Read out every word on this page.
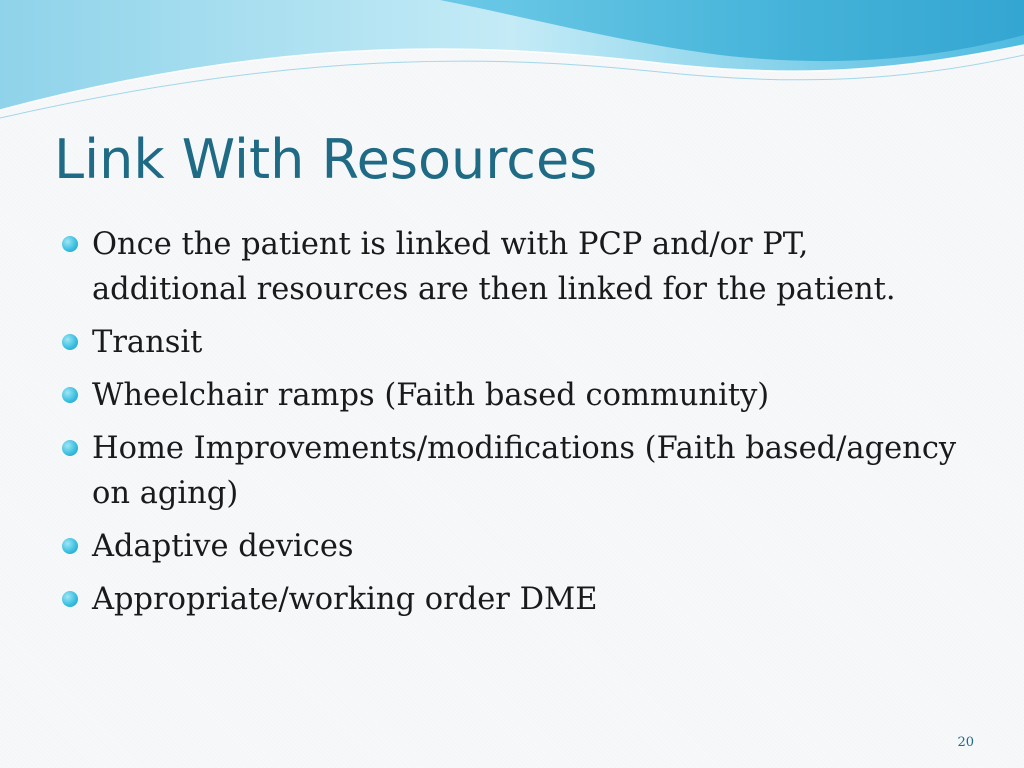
Link With Resources
Once the patient is linked with PCP and/or PT, additional resources are then linked for the patient.
Transit
Wheelchair ramps (Faith based community)
Home Improvements/modifications (Faith based/agency on aging)
Adaptive devices
Appropriate/working order DME
20
